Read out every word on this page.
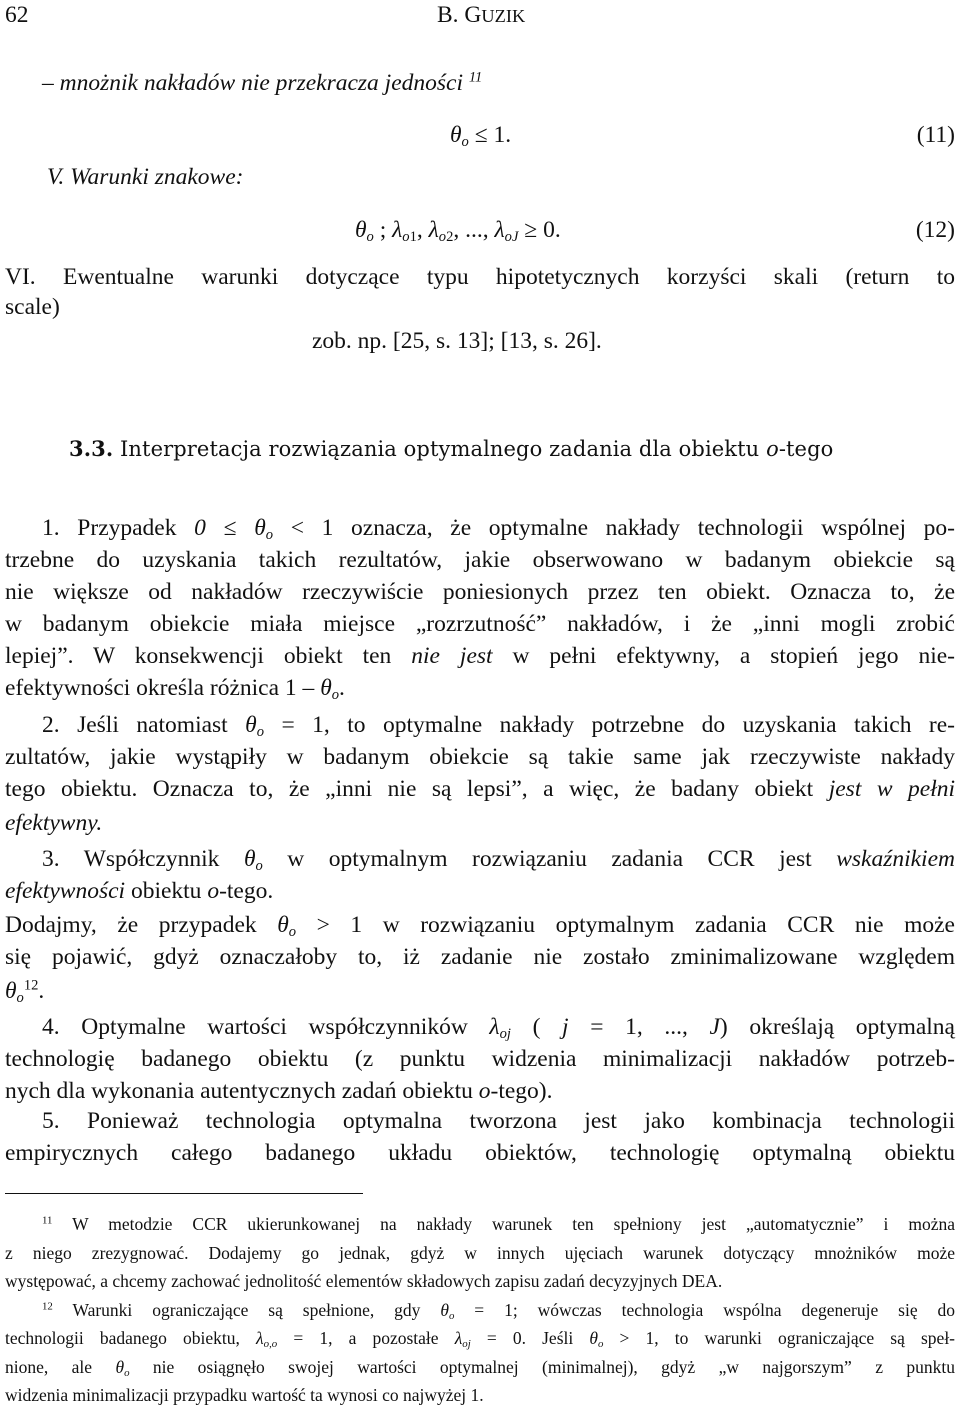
62	B. GUZIK
– mnożnik nakładów nie przekracza jedności $^{11}$
$\theta_o \le 1$.	(11)
V. Warunki znakowe:
$\theta_o$ ; $\lambda_{o1}$, $\lambda_{o2}$, ..., $\lambda_{oJ} \ge 0$.	(12)
VI. Ewentualne warunki dotyczące typu hipotetycznych korzyści skali (return to
scale)
zob. np. [25, s. 13]; [13, s. 26].
3.3. Interpretacja rozwiązania optymalnego zadania dla obiektu o-tego
1. Przypadek $0 \le \theta_o < 1$ oznacza, że optymalne nakłady technologii wspólnej po-
trzebne do uzyskania takich rezultatów, jakie obserwowano w badanym obiekcie są
nie większe od nakładów rzeczywiście poniesionych przez ten obiekt. Oznacza to, że
w badanym obiekcie miała miejsce „rozrzutność” nakładów, i że „inni mogli zrobić
lepiej”. W konsekwencji obiekt ten nie jest w pełni efektywny, a stopień jego nie-
efektywności określa różnica $1 - \theta_o$.
2. Jeśli natomiast $\theta_o = 1$, to optymalne nakłady potrzebne do uzyskania takich re-
zultatów, jakie wystąpiły w badanym obiekcie są takie same jak rzeczywiste nakłady
tego obiektu. Oznacza to, że „inni nie są lepsi”, a więc, że badany obiekt jest w pełni
efektywny.
3. Współczynnik $\theta_o$ w optymalnym rozwiązaniu zadania CCR jest wskaźnikiem
efektywności obiektu o-tego.
Dodajmy, że przypadek $\theta_o > 1$ w rozwiązaniu optymalnym zadania CCR nie może
się pojawić, gdyż oznaczałoby to, iż zadanie nie zostało zminimalizowane względem
$\theta_o^{12}$.
4. Optymalne wartości współczynników $\lambda_{oj}$ ( j = 1, ..., J) określają optymalną
technologię badanego obiektu (z punktu widzenia minimalizacji nakładów potrzeb-
nych dla wykonania autentycznych zadań obiektu o-tego).
5. Ponieważ technologia optymalna tworzona jest jako kombinacja technologii
empirycznych całego badanego układu obiektów, technologię optymalną obiektu
$^{11}$ W metodzie CCR ukierunkowanej na nakłady warunek ten spełniony jest „automatycznie” i można
z niego zrezygnować. Dodajemy go jednak, gdyż w innych ujęciach warunek dotyczący mnożników może
występować, a chcemy zachować jednolitość elementów składowych zapisu zadań decyzyjnych DEA.
$^{12}$ Warunki ograniczające są spełnione, gdy $\theta_o = 1$; wówczas technologia wspólna degeneruje się do
technologii badanego obiektu, $\lambda_{o,o} = 1$, a pozostałe $\lambda_{oj} = 0$. Jeśli $\theta_o > 1$, to warunki ograniczające są speł-
nione, ale $\theta_o$ nie osiągnęło swojej wartości optymalnej (minimalnej), gdyż „w najgorszym” z punktu
widzenia minimalizacji przypadku wartość ta wynosi co najwyżej 1.
